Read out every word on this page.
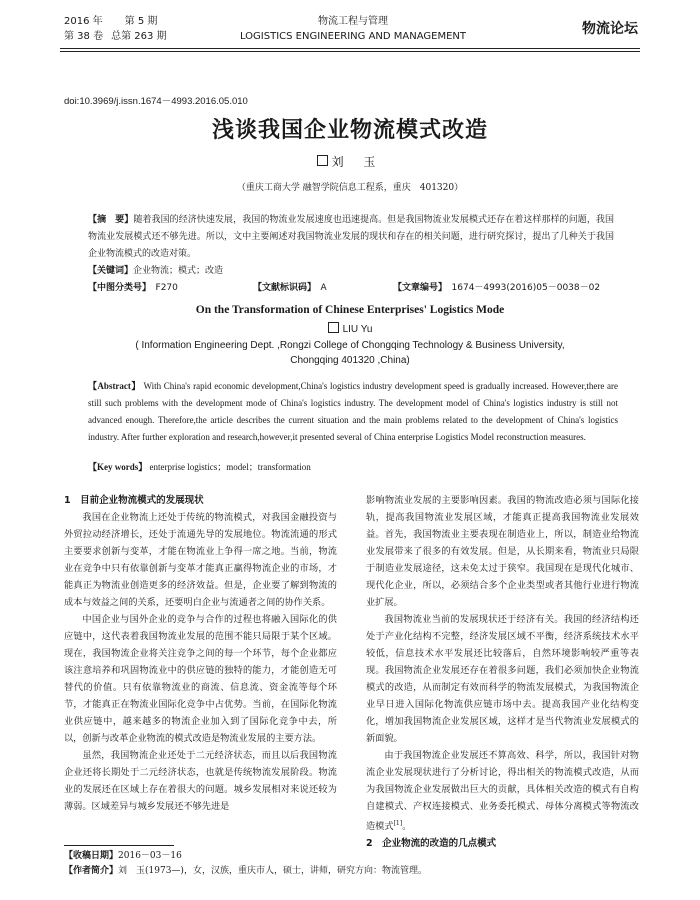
2016 年 第 5 期
第 38 卷 总第 263 期
物流工程与管理
LOGISTICS ENGINEERING AND MANAGEMENT	物流论坛
doi:10.3969/j.issn.1674－4993.2016.05.010
浅谈我国企业物流模式改造
刘 玉
（重庆工商大学 融智学院信息工程系，重庆　401320）
【摘　要】随着我国的经济快速发展，我国的物流业发展速度也迅速提高。但是我国物流业发展模式还存在着这样那样的问题，我国物流业发展模式还不够先进。所以，文中主要阐述对我国物流业发展的现状和存在的相关问题，进行研究探讨，提出了几种关于我国企业物流模式的改造对策。
【关键词】企业物流；模式；改造
【中图分类号】　 F270	【文献标识码】　 A	【文章编号】　 1674－4993(2016)05－0038－02
On the Transformation of Chinese Enterprises' Logistics Mode
LIU Yu
( Information Engineering Dept. ,Rongzi College of Chongqing Technology & Business University, Chongqing 401320 ,China)
【Abstract】 With China's rapid economic development,China's logistics industry development speed is gradually increased. However,there are still such problems with the development mode of China's logistics industry. The development model of China's logistics industry is still not advanced enough. Therefore,the article describes the current situation and the main problems related to the development of China's logistics industry. After further exploration and research,however,it presented several of China enterprise Logistics Model reconstruction measures.
【Key words】 enterprise logistics；model；transformation
1　目前企业物流模式的发展现状

我国在企业物流上还处于传统的物流模式，对我国金融投资与外贸拉动经济增长，还处于流通先导的发展地位。物流流通的形式主要要求创新与变革，才能在物流业上争得一席之地。当前，物流业在竞争中只有依靠创新与变革才能真正赢得物流企业的市场，才能真正为物流业创造更多的经济效益。但是，企业要了解到物流的成本与效益之间的关系，还要明白企业与流通者之间的协作关系。

中国企业与国外企业的竞争与合作的过程也将融入国际化的供应链中，这代表着我国物流业发展的范围不能只局限于某个区域。现在，我国物流企业将关注竞争之间的每一个环节，每个企业都应该注意培养和巩固物流业中的供应链的独特的能力，才能创造无可替代的价值。只有依靠物流业的商流、信息流、资金流等每个环节，才能真正在物流业国际化竞争中占优势。当前，在国际化物流业供应链中，越来越多的物流企业加入到了国际化竞争中去，所以，创新与改革企业物流的模式改造是物流业发展的主要方法。

虽然，我国物流企业还处于二元经济状态，而且以后我国物流企业还将长期处于二元经济状态，也就是传统物流发展阶段。物流业的发展还在区域上存在着很大的问题。城乡发展相对来说还较为薄弱。区域差异与城乡发展还不够先进是

影响物流业发展的主要影响因素。我国的物流改造必须与国际化接轨，提高我国物流业发展区域，才能真正提高我国物流业发展效益。首先，我国物流业主要表现在制造业上，所以，制造业给物流业发展带来了很多的有效发展。但是，从长期来看，物流业只局限于制造业发展途径，这未免太过于狭窄。我国现在是现代化城市、现代化企业，所以，必须结合多个企业类型或者其他行业进行物流业扩展。

我国物流业当前的发展现状还于经济有关。我国的经济结构还处于产业化结构不完整，经济发展区域不平衡，经济系统技术水平较低，信息技术水平发展还比较落后，自然环境影响较严重等表现。我国物流企业发展还存在着很多问题，我们必须加快企业物流模式的改造，从而制定有效而科学的物流发展模式，为我国物流企业早日进入国际化物流供应链市场中去。提高我国产业化结构变化，增加我国物流企业发展区域，这样才是当代物流业发展模式的新面貌。

由于我国物流企业发展还不算高效、科学，所以，我国针对物流企业发展现状进行了分析讨论，得出相关的物流模式改造，从而为我国物流企业发展做出巨大的贡献，具体相关改造的模式有自构自建模式、产权连接模式、业务委托模式、母体分离模式等物流改造模式[1]。

2　企业物流的改造的几点模式
【收稿日期】2016－03－16
【作者简介】刘　玉(1973—)，女，汉族，重庆市人，硕士，讲师，研究方向：物流管理。
